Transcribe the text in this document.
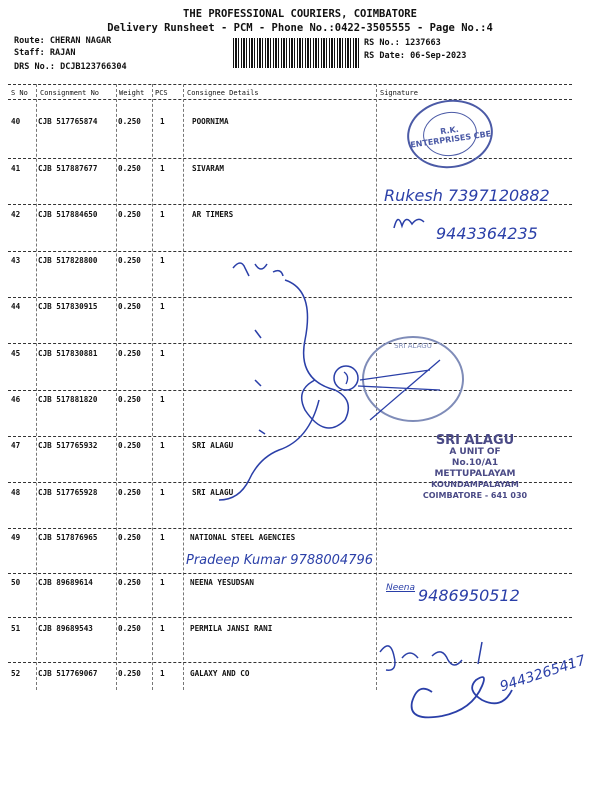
THE PROFESSIONAL COURIERS, COIMBATORE
Delivery Runsheet - PCM - Phone No.:0422-3505555 - Page No.:4
Route: CHERAN NAGAR
Staff: RAJAN
DRS No.: DCJB123766304
RS No.: 1237663
RS Date: 06-Sep-2023
S No Consignment No	Weight PCS	Consignee Details	Signature
40 CJB 517765874	0.250	1	POORNIMA
41 CJB 517887677	0.250	1	SIVARAM
42 CJB 517884650	0.250	1	AR TIMERS
43 CJB 517828800	0.250	1
44 CJB 517830915	0.250	1
45 CJB 517830881	0.250	1
46 CJB 517881820	0.250	1
47 CJB 517765932	0.250	1	SRI ALAGU
48 CJB 517765928	0.250	1	SRI ALAGU
49 CJB 517876965	0.250	1	NATIONAL STEEL AGENCIES
50 CJB 89689614	0.250	1	NEENA YESUDSAN
51 CJB 89689543	0.250	1	PERMILA JANSI RANI
52 CJB 517769067	0.250	1	GALAXY AND CO
R.K. ENTERPRISES CBE
Rukesh 7397120882
9443364235
SRI ALAGU
SRI ALAGU
A UNIT OF
No.10/A1
METTUPALAYAM
KOUNDAMPALAYAM
COIMBATORE - 641 030
Pradeep Kumar 9788004796
Neena 9486950512
9443265417
